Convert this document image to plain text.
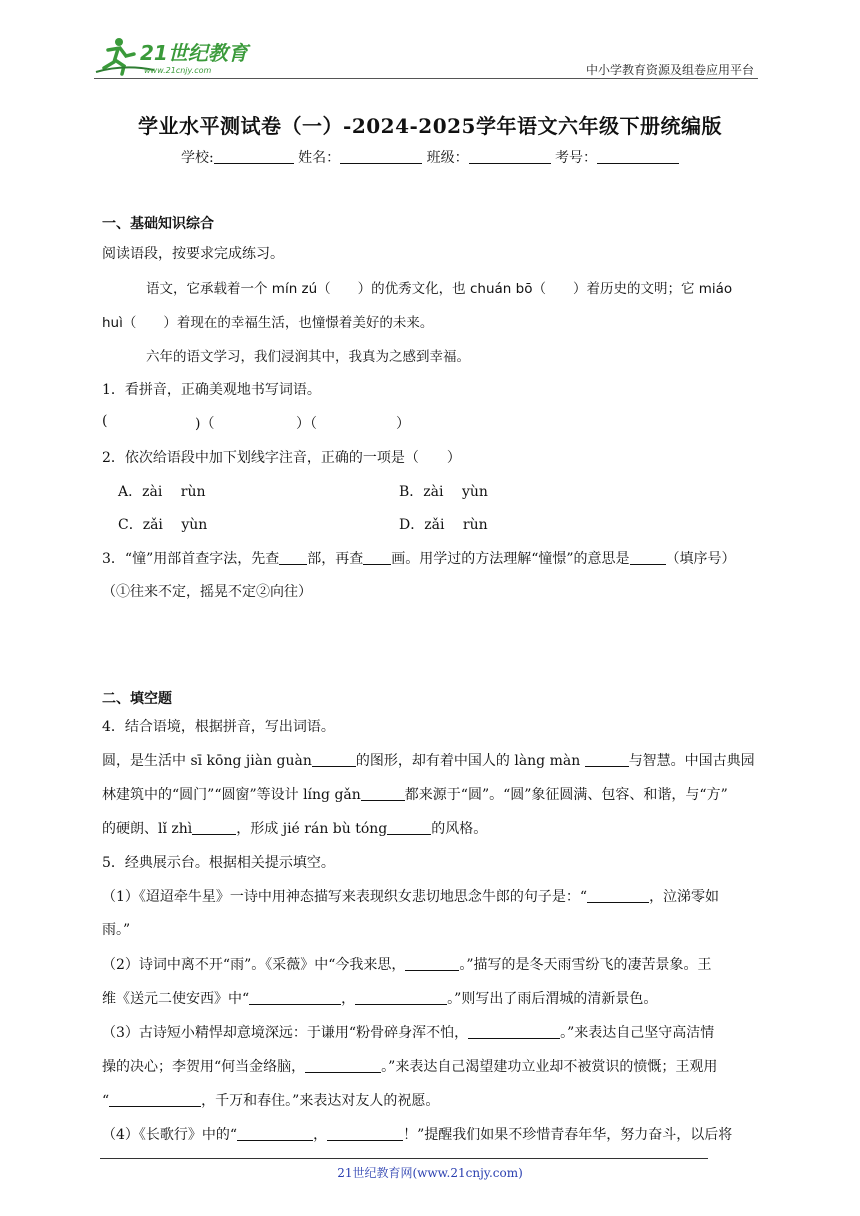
21世纪教育
www.21cnjy.com	中小学教育资源及组卷应用平台
学业水平测试卷（一）-2024-2025学年语文六年级下册统编版
学校:	姓名：	班级：	考号：
一、基础知识综合
阅读语段，按要求完成练习。
语文，它承载着一个 mín zú（　　）的优秀文化，也 chuán bō（　　）着历史的文明；它 miáo
huì（　　）着现在的幸福生活，也憧憬着美好的未来。
六年的语文学习，我们浸润其中，我真为之感到幸福。
1．看拼音，正确美观地书写词语。
(	)（	）（	）
2．依次给语段中加下划线字注音，正确的一项是（　　）
A．zài　 rùn	B．zài　 yùn
C．zǎi　 yùn	D．zǎi　 rùn
3．“憧”用部首查字法，先查 部，再查 画。用学过的方法理解“憧憬”的意思是	（填序号）
（①往来不定，摇晃不定②向往）
二、填空题
4．结合语境，根据拼音，写出词语。
圆，是生活中 sī kōng jiàn guàn	的图形，却有着中国人的 làng màn	与智慧。中国古典园
林建筑中的“圆门”“圆窗”等设计 líng gǎn	都来源于“圆”。“圆”象征圆满、包容、和谐，与“方”
的硬朗、lǐ zhì	，形成 jié rán bù tóng	的风格。
5．经典展示台。根据相关提示填空。
（1）《迢迢牵牛星》一诗中用神态描写来表现织女悲切地思念牛郎的句子是：“	，泣涕零如
雨。”
（2）诗词中离不开“雨”。《采薇》中“今我来思，	。”描写的是冬天雨雪纷飞的凄苦景象。王
维《送元二使安西》中“	，	。”则写出了雨后渭城的清新景色。
（3）古诗短小精悍却意境深远：于谦用“粉骨碎身浑不怕，	。”来表达自己坚守高洁情
操的决心；李贺用“何当金络脑，	。”来表达自己渴望建功立业却不被赏识的愤慨；王观用
“	，千万和春住。”来表达对友人的祝愿。
（4）《长歌行》中的“	，	！”提醒我们如果不珍惜青春年华，努力奋斗，以后将
21世纪教育网(www.21cnjy.com)
